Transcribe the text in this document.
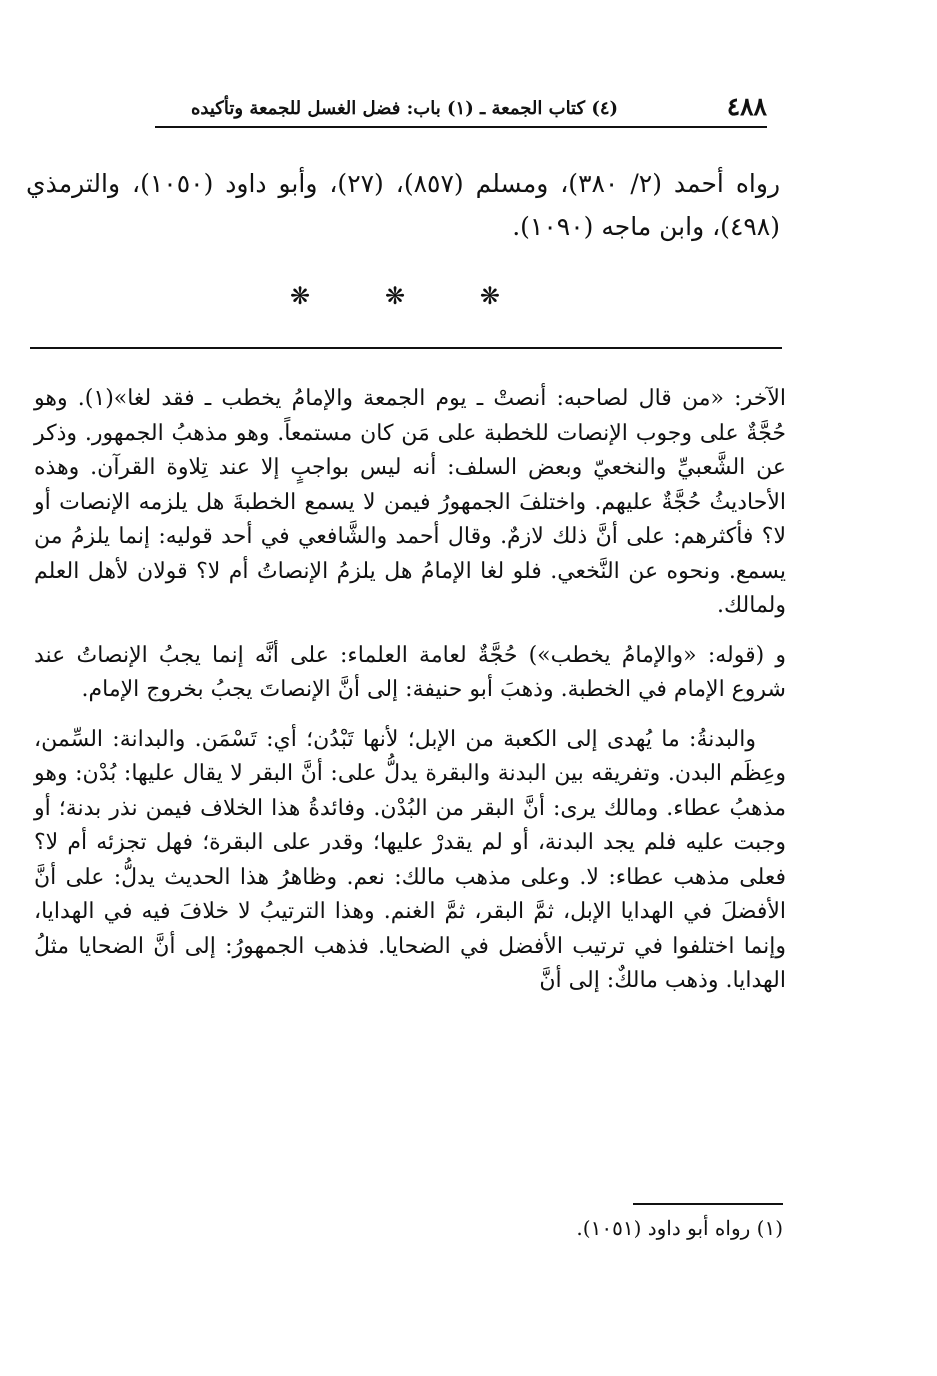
٤٨٨
(٤) كتاب الجمعة ـ (١) باب: فضل الغسل للجمعة وتأكيده
رواه أحمد (٢/ ٣٨٠)، ومسلم (٨٥٧)، (٢٧)، وأبو داود (١٠٥٠)، والترمذي (٤٩٨)، وابن ماجه (١٠٩٠).
❋	❋	❋

الآخر: «من قال لصاحبه: أنصتْ ـ يوم الجمعة والإمامُ يخطب ـ فقد لغا»(١). وهو حُجَّةٌ على وجوب الإنصات للخطبة على مَن كان مستمعاً. وهو مذهبُ الجمهور. وذكر عن الشَّعبيِّ والنخعيّ وبعض السلف: أنه ليس بواجبٍ إلا عند تِلاوة القرآن. وهذه الأحاديثُ حُجَّةٌ عليهم. واختلفَ الجمهورُ فيمن لا يسمع الخطبةَ هل يلزمه الإنصات أو لا؟ فأكثرهم: على أنَّ ذلك لازمٌ. وقال أحمد والشَّافعي في أحد قوليه: إنما يلزمُ من يسمع. ونحوه عن النَّخعي. فلو لغا الإمامُ هل يلزمُ الإنصاتُ أم لا؟ قولان لأهل العلم ولمالك.

و (قوله: «والإمامُ يخطب») حُجَّةٌ لعامة العلماء: على أنَّه إنما يجبُ الإنصاتُ عند شروع الإمام في الخطبة. وذهبَ أبو حنيفة: إلى أنَّ الإنصاتَ يجبُ بخروج الإمام.

والبدنةُ: ما يُهدى إلى الكعبة من الإبل؛ لأنها تَبْدُن؛ أي: تَسْمَن. والبدانة: السِّمن، وعِظَم البدن. وتفريقه بين البدنة والبقرة يدلُّ على: أنَّ البقر لا يقال عليها: بُدْن: وهو مذهبُ عطاء. ومالك يرى: أنَّ البقر من البُدْن. وفائدةُ هذا الخلاف فيمن نذر بدنة؛ أو وجبت عليه فلم يجد البدنة، أو لم يقدرْ عليها؛ وقدر على البقرة؛ فهل تجزئه أم لا؟ فعلى مذهب عطاء: لا. وعلى مذهب مالك: نعم. وظاهرُ هذا الحديث يدلُّ: على أنَّ الأفضلَ في الهدايا الإبل، ثمَّ البقر، ثمَّ الغنم. وهذا الترتيبُ لا خلافَ فيه في الهدايا، وإنما اختلفوا في ترتيب الأفضل في الضحايا. فذهب الجمهورُ: إلى أنَّ الضحايا مثلُ الهدايا. وذهب مالكٌ: إلى أنَّ

(١) رواه أبو داود (١٠٥١).
